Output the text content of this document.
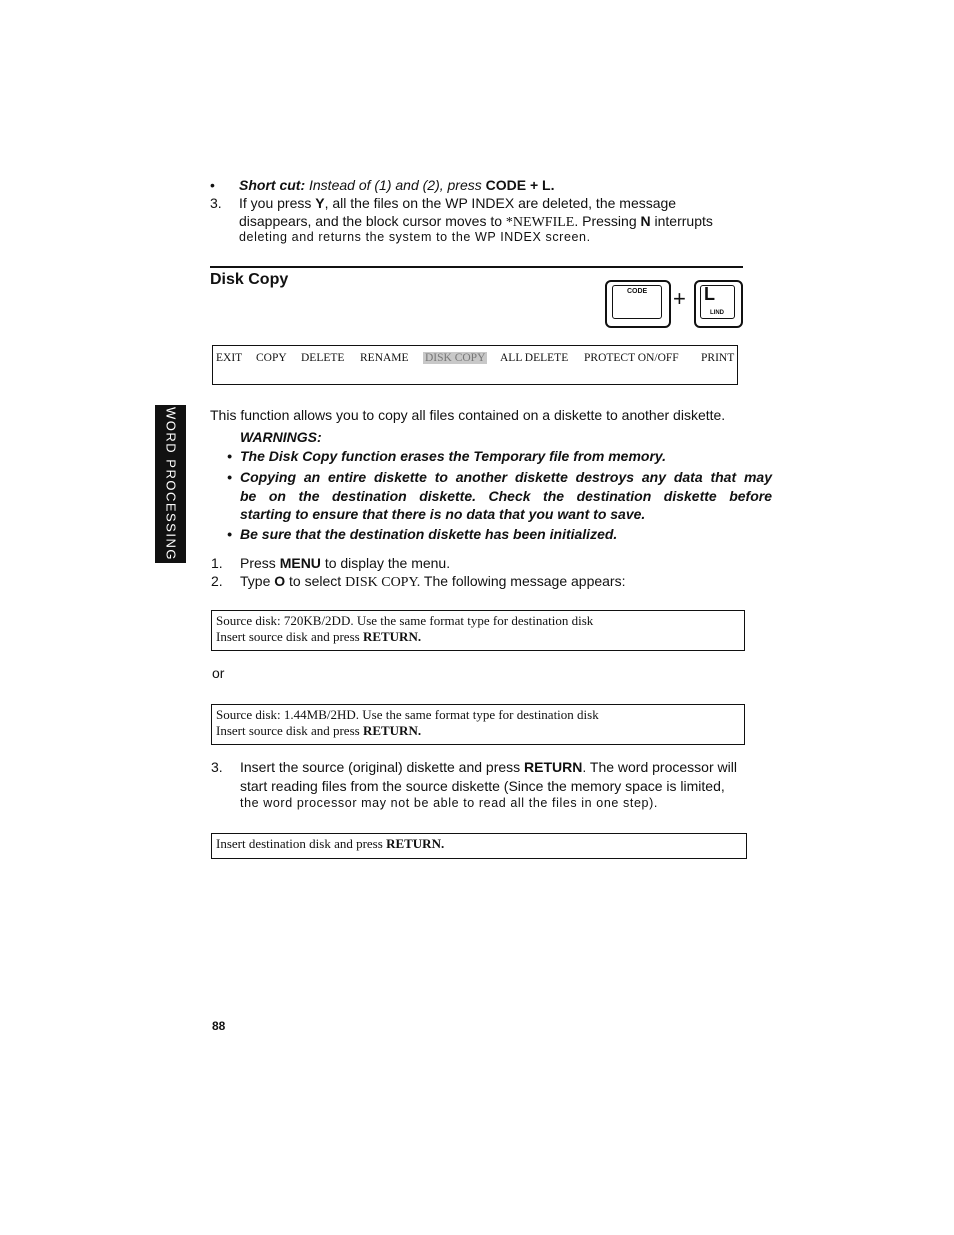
• Short cut: Instead of (1) and (2), press CODE + L.
3. If you press Y, all the files on the WP INDEX are deleted, the message
disappears, and the block cursor moves to *NEWFILE. Pressing N interrupts
deleting and returns the system to the WP INDEX screen.
Disk Copy
CODE + L
LIND
EXIT COPY DELETE RENAME DISK COPY ALL DELETE PROTECT ON/OFF PRINT
WORD PROCESSING This function allows you to copy all files contained on a diskette to another diskette.
WARNINGS:
• The Disk Copy function erases the Temporary file from memory.
• Copying an entire diskette to another diskette destroys any data that may
be on the destination diskette. Check the destination diskette before
starting to ensure that there is no data that you want to save.
• Be sure that the destination diskette has been initialized.
1. Press MENU to display the menu.
2. Type O to select DISK COPY. The following message appears:
Source disk: 720KB/2DD. Use the same format type for destination disk
Insert source disk and press RETURN.
or
Source disk: 1.44MB/2HD. Use the same format type for destination disk
Insert source disk and press RETURN.
3. Insert the source (original) diskette and press RETURN. The word processor will
start reading files from the source diskette (Since the memory space is limited,
the word processor may not be able to read all the files in one step).
Insert destination disk and press RETURN.
88
